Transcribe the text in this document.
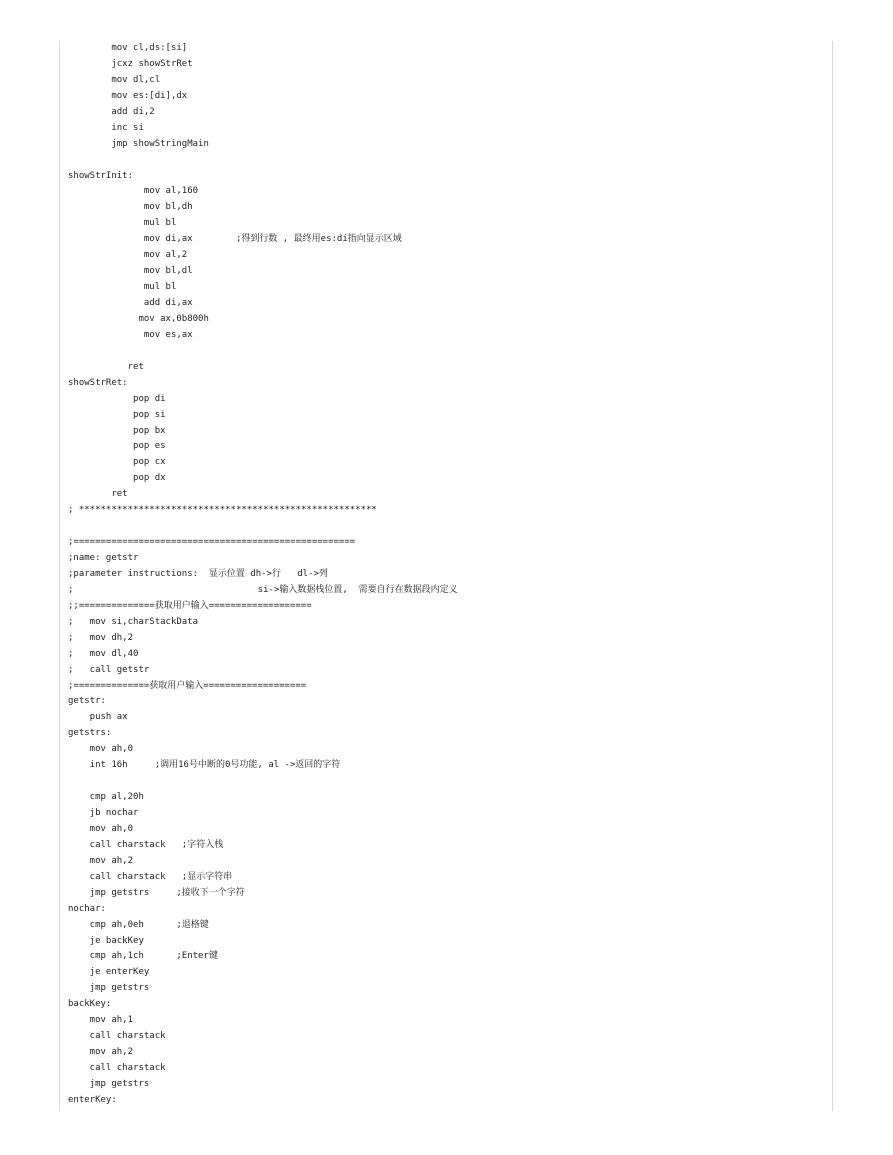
mov cl,ds:[si]
jcxz showStrRet
mov dl,cl
mov es:[di],dx
add di,2
inc si
jmp showStringMain
showStrInit:
mov al,160
mov bl,dh
mul bl
mov di,ax        ;得到行数 , 最终用es:di指向显示区域
mov al,2
mov bl,dl
mul bl
add di,ax
mov ax,0b800h
mov es,ax
ret
showStrRet:
pop di
pop si
pop bx
pop es
pop cx
pop dx
ret
; *******************************************************
;====================================================
;name: getstr
;parameter instructions:  显示位置 dh->行   dl->列
;                                  si->输入数据栈位置,  需要自行在数据段内定义
;;==============获取用户输入===================
;   mov si,charStackData
;   mov dh,2
;   mov dl,40
;   call getstr
;==============获取用户输入===================
getstr:
push ax
getstrs:
mov ah,0
int 16h     ;调用16号中断的0号功能, al ->返回的字符
cmp al,20h
jb nochar
mov ah,0
call charstack   ;字符入栈
mov ah,2
call charstack   ;显示字符串
jmp getstrs     ;接收下一个字符
nochar:
cmp ah,0eh      ;退格键
je backKey
cmp ah,1ch      ;Enter键
je enterKey
jmp getstrs
backKey:
mov ah,1
call charstack
mov ah,2
call charstack
jmp getstrs
enterKey:
